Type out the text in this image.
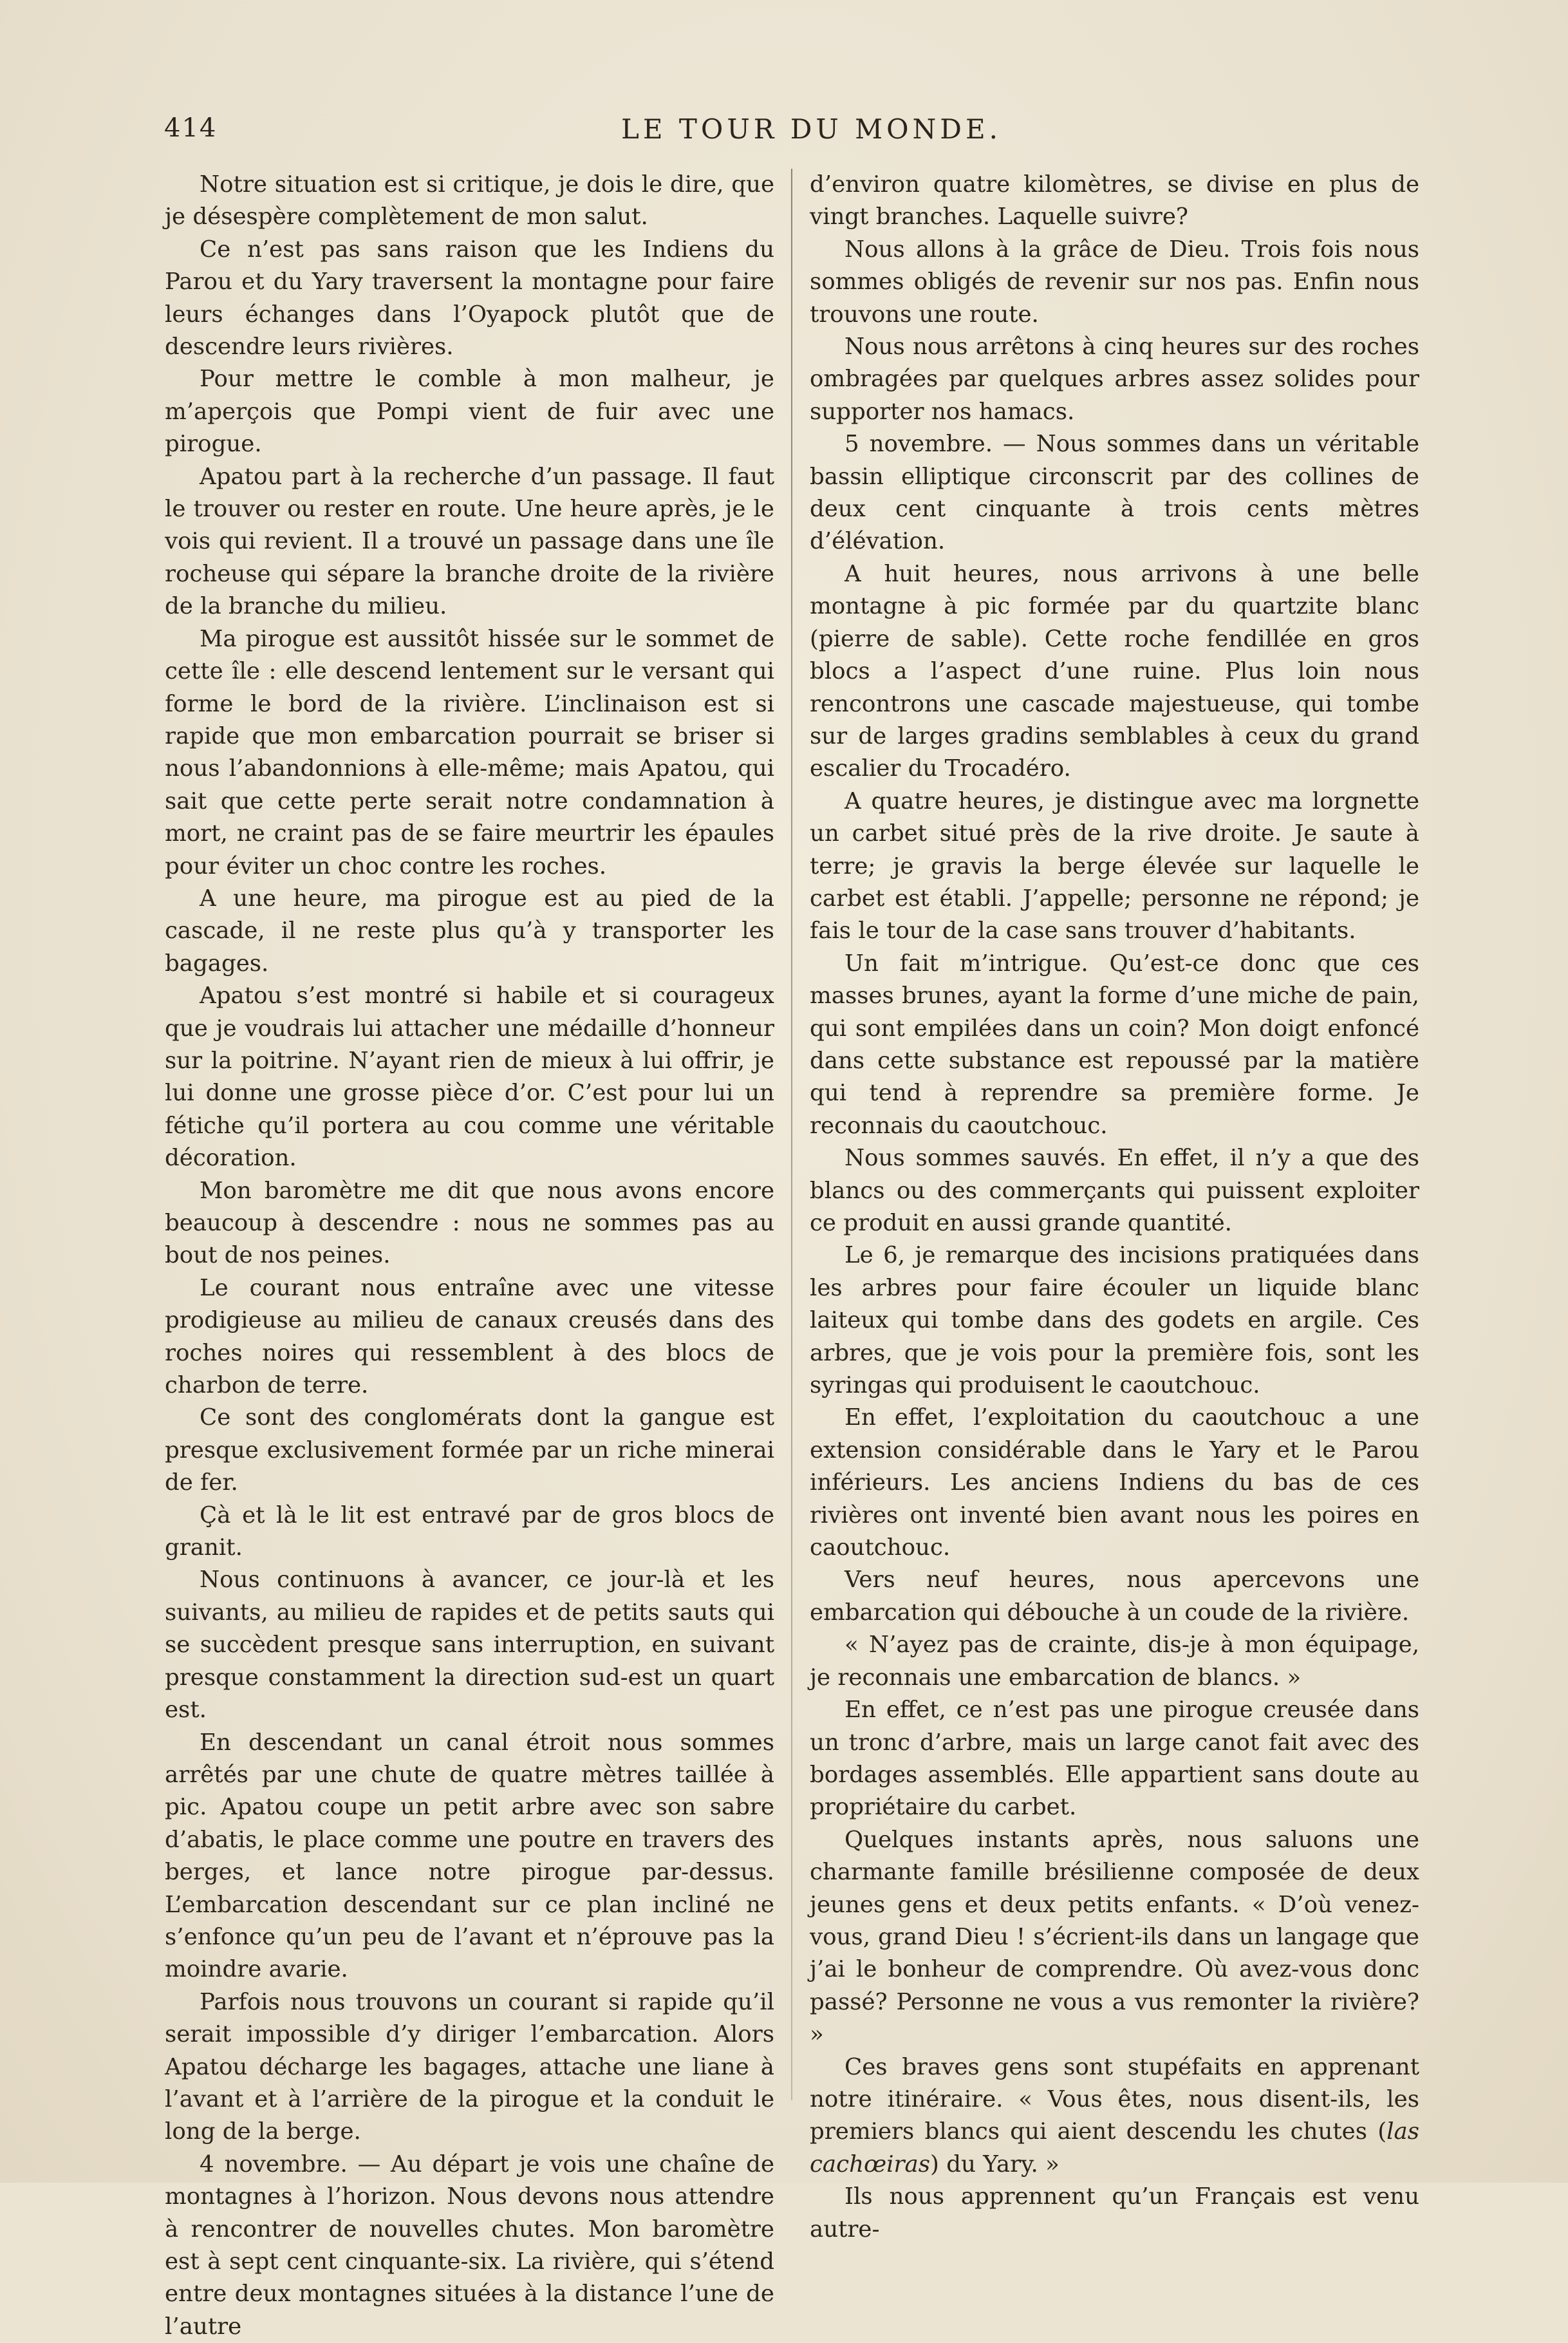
414	LE TOUR DU MONDE.

Notre situation est si critique, je dois le dire, que je désespère complètement de mon salut.

Ce n’est pas sans raison que les Indiens du Parou et du Yary traversent la montagne pour faire leurs échanges dans l’Oyapock plutôt que de descendre leurs rivières.

Pour mettre le comble à mon malheur, je m’aperçois que Pompi vient de fuir avec une pirogue.

Apatou part à la recherche d’un passage. Il faut le trouver ou rester en route. Une heure après, je le vois qui revient. Il a trouvé un passage dans une île rocheuse qui sépare la branche droite de la rivière de la branche du milieu.

Ma pirogue est aussitôt hissée sur le sommet de cette île : elle descend lentement sur le versant qui forme le bord de la rivière. L’inclinaison est si rapide que mon embarcation pourrait se briser si nous l’abandonnions à elle-même; mais Apatou, qui sait que cette perte serait notre condamnation à mort, ne craint pas de se faire meurtrir les épaules pour éviter un choc contre les roches.

A une heure, ma pirogue est au pied de la cascade, il ne reste plus qu’à y transporter les bagages.

Apatou s’est montré si habile et si courageux que je voudrais lui attacher une médaille d’honneur sur la poitrine. N’ayant rien de mieux à lui offrir, je lui donne une grosse pièce d’or. C’est pour lui un fétiche qu’il portera au cou comme une véritable décoration.

Mon baromètre me dit que nous avons encore beaucoup à descendre : nous ne sommes pas au bout de nos peines.

Le courant nous entraîne avec une vitesse prodigieuse au milieu de canaux creusés dans des roches noires qui ressemblent à des blocs de charbon de terre.

Ce sont des conglomérats dont la gangue est presque exclusivement formée par un riche minerai de fer.

Çà et là le lit est entravé par de gros blocs de granit.

Nous continuons à avancer, ce jour-là et les suivants, au milieu de rapides et de petits sauts qui se succèdent presque sans interruption, en suivant presque constamment la direction sud-est un quart est.

En descendant un canal étroit nous sommes arrêtés par une chute de quatre mètres taillée à pic. Apatou coupe un petit arbre avec son sabre d’abatis, le place comme une poutre en travers des berges, et lance notre pirogue par-dessus. L’embarcation descendant sur ce plan incliné ne s’enfonce qu’un peu de l’avant et n’éprouve pas la moindre avarie.

Parfois nous trouvons un courant si rapide qu’il serait impossible d’y diriger l’embarcation. Alors Apatou décharge les bagages, attache une liane à l’avant et à l’arrière de la pirogue et la conduit le long de la berge.

4 novembre. — Au départ je vois une chaîne de montagnes à l’horizon. Nous devons nous attendre à rencontrer de nouvelles chutes. Mon baromètre est à sept cent cinquante-six. La rivière, qui s’étend entre deux montagnes situées à la distance l’une de l’autre

d’environ quatre kilomètres, se divise en plus de vingt branches. Laquelle suivre?

Nous allons à la grâce de Dieu. Trois fois nous sommes obligés de revenir sur nos pas. Enfin nous trouvons une route.

Nous nous arrêtons à cinq heures sur des roches ombragées par quelques arbres assez solides pour supporter nos hamacs.

5 novembre. — Nous sommes dans un véritable bassin elliptique circonscrit par des collines de deux cent cinquante à trois cents mètres d’élévation.

A huit heures, nous arrivons à une belle montagne à pic formée par du quartzite blanc (pierre de sable). Cette roche fendillée en gros blocs a l’aspect d’une ruine. Plus loin nous rencontrons une cascade majestueuse, qui tombe sur de larges gradins semblables à ceux du grand escalier du Trocadéro.

A quatre heures, je distingue avec ma lorgnette un carbet situé près de la rive droite. Je saute à terre; je gravis la berge élevée sur laquelle le carbet est établi. J’appelle; personne ne répond; je fais le tour de la case sans trouver d’habitants.

Un fait m’intrigue. Qu’est-ce donc que ces masses brunes, ayant la forme d’une miche de pain, qui sont empilées dans un coin? Mon doigt enfoncé dans cette substance est repoussé par la matière qui tend à reprendre sa première forme. Je reconnais du caoutchouc.

Nous sommes sauvés. En effet, il n’y a que des blancs ou des commerçants qui puissent exploiter ce produit en aussi grande quantité.

Le 6, je remarque des incisions pratiquées dans les arbres pour faire écouler un liquide blanc laiteux qui tombe dans des godets en argile. Ces arbres, que je vois pour la première fois, sont les syringas qui produisent le caoutchouc.

En effet, l’exploitation du caoutchouc a une extension considérable dans le Yary et le Parou inférieurs. Les anciens Indiens du bas de ces rivières ont inventé bien avant nous les poires en caoutchouc.

Vers neuf heures, nous apercevons une embarcation qui débouche à un coude de la rivière.

« N’ayez pas de crainte, dis-je à mon équipage, je reconnais une embarcation de blancs. »

En effet, ce n’est pas une pirogue creusée dans un tronc d’arbre, mais un large canot fait avec des bordages assemblés. Elle appartient sans doute au propriétaire du carbet.

Quelques instants après, nous saluons une charmante famille brésilienne composée de deux jeunes gens et deux petits enfants. « D’où venez-vous, grand Dieu ! s’écrient-ils dans un langage que j’ai le bonheur de comprendre. Où avez-vous donc passé? Personne ne vous a vus remonter la rivière? »

Ces braves gens sont stupéfaits en apprenant notre itinéraire. « Vous êtes, nous disent-ils, les premiers blancs qui aient descendu les chutes (las cachœiras) du Yary. »

Ils nous apprennent qu’un Français est venu autre-
